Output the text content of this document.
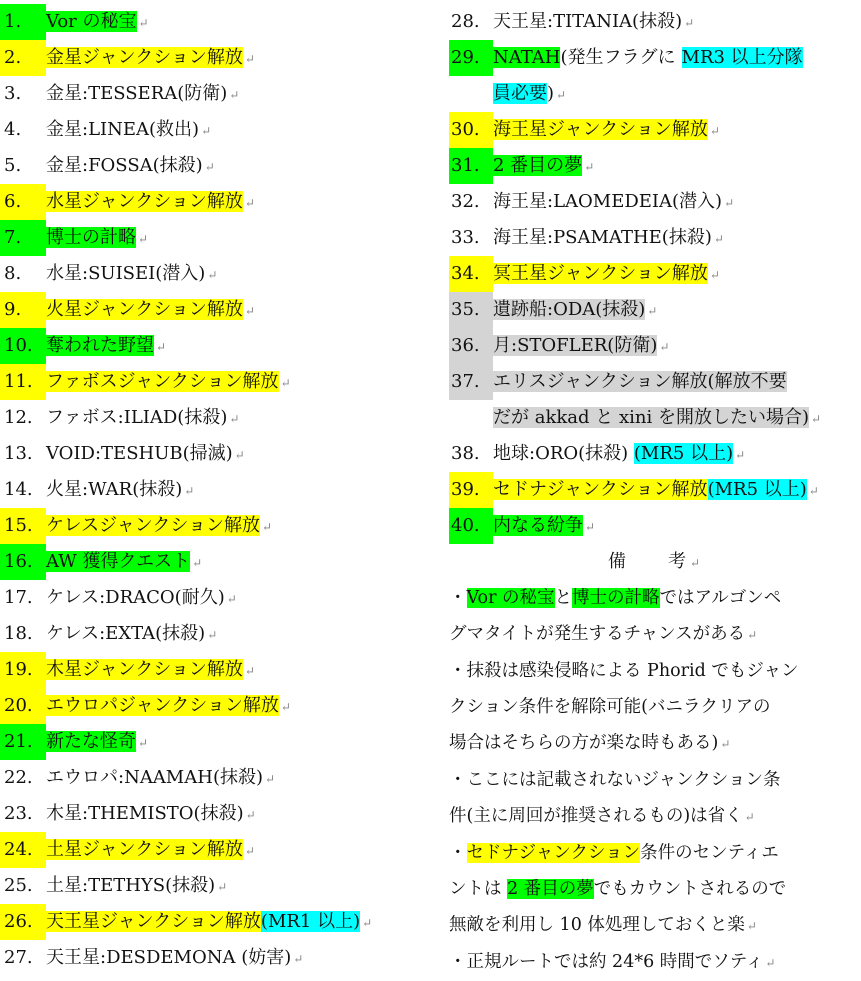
1. Vor の秘宝 ↵
2. 金星ジャンクション解放 ↵
3. 金星:TESSERA(防衛) ↵
4. 金星:LINEA(救出) ↵
5. 金星:FOSSA(抹殺) ↵
6. 水星ジャンクション解放 ↵
7. 博士の計略 ↵
8. 水星:SUISEI(潜入) ↵
9. 火星ジャンクション解放 ↵
10. 奪われた野望 ↵
11. ファボスジャンクション解放 ↵
12. ファボス:ILIAD(抹殺) ↵
13. VOID:TESHUB(掃滅) ↵
14. 火星:WAR(抹殺) ↵
15. ケレスジャンクション解放 ↵
16. AW 獲得クエスト ↵
17. ケレス:DRACO(耐久) ↵
18. ケレス:EXTA(抹殺) ↵
19. 木星ジャンクション解放 ↵
20. エウロパジャンクション解放 ↵
21. 新たな怪奇 ↵
22. エウロパ:NAAMAH(抹殺) ↵
23. 木星:THEMISTO(抹殺) ↵
24. 土星ジャンクション解放 ↵
25. 土星:TETHYS(抹殺) ↵
26. 天王星ジャンクション解放(MR1 以上) ↵
27. 天王星:DESDEMONA (妨害) ↵
28. 天王星:TITANIA(抹殺) ↵
29. NATAH(発生フラグに MR3 以上分隊
員必要) ↵
30. 海王星ジャンクション解放 ↵
31. 2 番目の夢 ↵
32. 海王星:LAOMEDEIA(潜入) ↵
33. 海王星:PSAMATHE(抹殺) ↵
34. 冥王星ジャンクション解放 ↵
35. 遺跡船:ODA(抹殺) ↵
36. 月:STOFLER(防衛) ↵
37. エリスジャンクション解放(解放不要
だが akkad と xini を開放したい場合) ↵
38. 地球:ORO(抹殺) (MR5 以上) ↵
39. セドナジャンクション解放(MR5 以上) ↵
40. 内なる紛争 ↵
備　　考 ↵
・Vor の秘宝と博士の計略ではアルゴンペ
グマタイトが発生するチャンスがある ↵
・抹殺は感染侵略による Phorid でもジャン
クション条件を解除可能(バニラクリアの
場合はそちらの方が楽な時もある) ↵
・ここには記載されないジャンクション条
件(主に周回が推奨されるもの)は省く ↵
・セドナジャンクション条件のセンティエ
ントは 2 番目の夢でもカウントされるので
無敵を利用し 10 体処理しておくと楽 ↵
・正規ルートでは約 24*6 時間でソティ ↵
